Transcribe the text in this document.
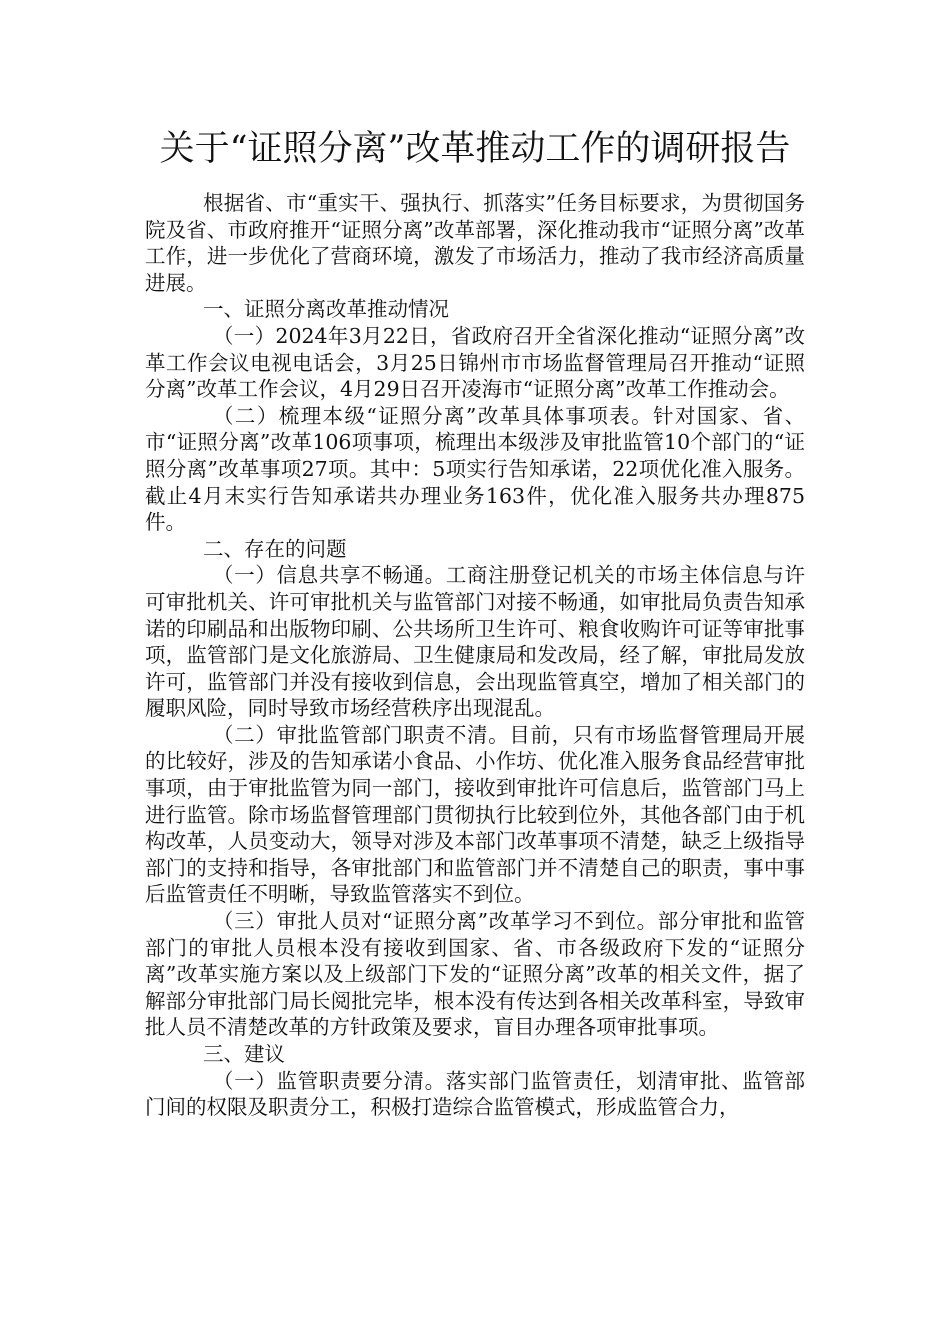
关于“证照分离”改革推动工作的调研报告

根据省、市“重实干、强执行、抓落实”任务目标要求，为贯彻国务院及省、市政府推开“证照分离”改革部署，深化推动我市“证照分离”改革工作，进一步优化了营商环境，激发了市场活力，推动了我市经济高质量进展。

一、证照分离改革推动情况

（一）2024年3月22日，省政府召开全省深化推动“证照分离”改革工作会议电视电话会，3月25日锦州市市场监督管理局召开推动“证照分离”改革工作会议，4月29日召开凌海市“证照分离”改革工作推动会。

（二）梳理本级“证照分离”改革具体事项表。针对国家、省、市“证照分离”改革106项事项，梳理出本级涉及审批监管10个部门的“证照分离”改革事项27项。其中：5项实行告知承诺，22项优化准入服务。截止4月末实行告知承诺共办理业务163件，优化准入服务共办理875件。

二、存在的问题

（一）信息共享不畅通。工商注册登记机关的市场主体信息与许可审批机关、许可审批机关与监管部门对接不畅通，如审批局负责告知承诺的印刷品和出版物印刷、公共场所卫生许可、粮食收购许可证等审批事项，监管部门是文化旅游局、卫生健康局和发改局，经了解，审批局发放许可，监管部门并没有接收到信息，会出现监管真空，增加了相关部门的履职风险，同时导致市场经营秩序出现混乱。

（二）审批监管部门职责不清。目前，只有市场监督管理局开展的比较好，涉及的告知承诺小食品、小作坊、优化准入服务食品经营审批事项，由于审批监管为同一部门，接收到审批许可信息后，监管部门马上进行监管。除市场监督管理部门贯彻执行比较到位外，其他各部门由于机构改革，人员变动大，领导对涉及本部门改革事项不清楚，缺乏上级指导部门的支持和指导，各审批部门和监管部门并不清楚自己的职责，事中事后监管责任不明晰，导致监管落实不到位。

（三）审批人员对“证照分离”改革学习不到位。部分审批和监管部门的审批人员根本没有接收到国家、省、市各级政府下发的“证照分离”改革实施方案以及上级部门下发的“证照分离”改革的相关文件，据了解部分审批部门局长阅批完毕，根本没有传达到各相关改革科室，导致审批人员不清楚改革的方针政策及要求，盲目办理各项审批事项。

三、建议

（一）监管职责要分清。落实部门监管责任，划清审批、监管部门间的权限及职责分工，积极打造综合监管模式，形成监管合力，
